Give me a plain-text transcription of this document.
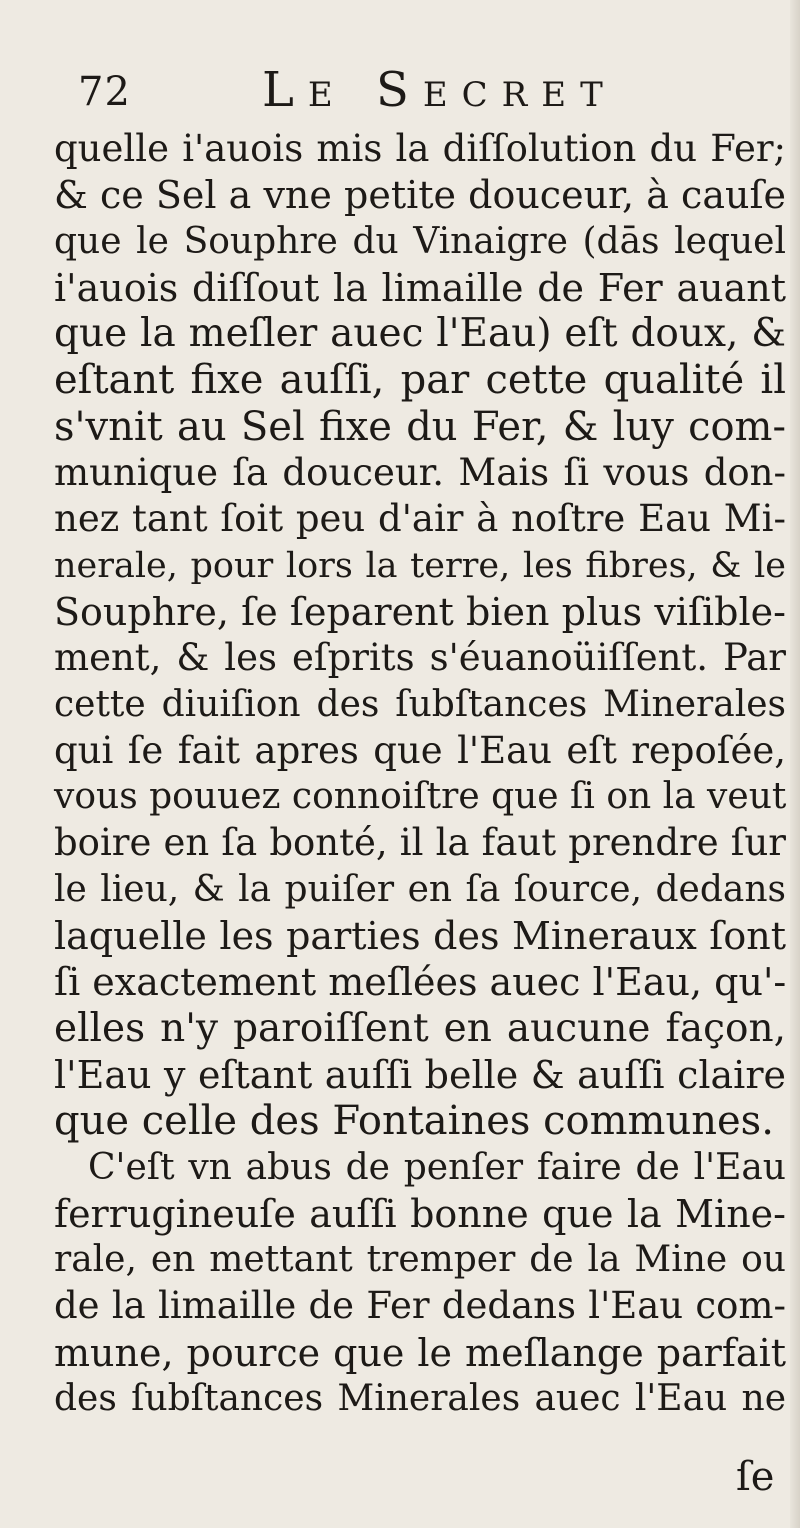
72	Le Secret
quelle i'auois mis la diſſolution du Fer;
& ce Sel a vne petite douceur, à cauſe
que le Souphre du Vinaigre (dās lequel
i'auois diſſout la limaille de Fer auant
que la meſler auec l'Eau) eſt doux, &
eſtant fixe auſſi, par cette qualité il
s'vnit au Sel fixe du Fer, & luy com-
munique ſa douceur. Mais ſi vous don-
nez tant ſoit peu d'air à noſtre Eau Mi-
nerale, pour lors la terre, les fibres, & le
Souphre, ſe ſeparent bien plus viſible-
ment, & les eſprits s'éuanoüiſſent. Par
cette diuiſion des ſubſtances Minerales
qui ſe fait apres que l'Eau eſt repoſée,
vous pouuez connoiſtre que ſi on la veut
boire en ſa bonté, il la faut prendre ſur
le lieu, & la puiſer en ſa ſource, dedans
laquelle les parties des Mineraux ſont
ſi exactement meſlées auec l'Eau, qu'-
elles n'y paroiſſent en aucune façon,
l'Eau y eſtant auſſi belle & auſſi claire
que celle des Fontaines communes.
C'eſt vn abus de penſer faire de l'Eau
ferrugineuſe auſſi bonne que la Mine-
rale, en mettant tremper de la Mine ou
de la limaille de Fer dedans l'Eau com-
mune, pource que le meſlange parfait
des ſubſtances Minerales auec l'Eau ne
ſe
